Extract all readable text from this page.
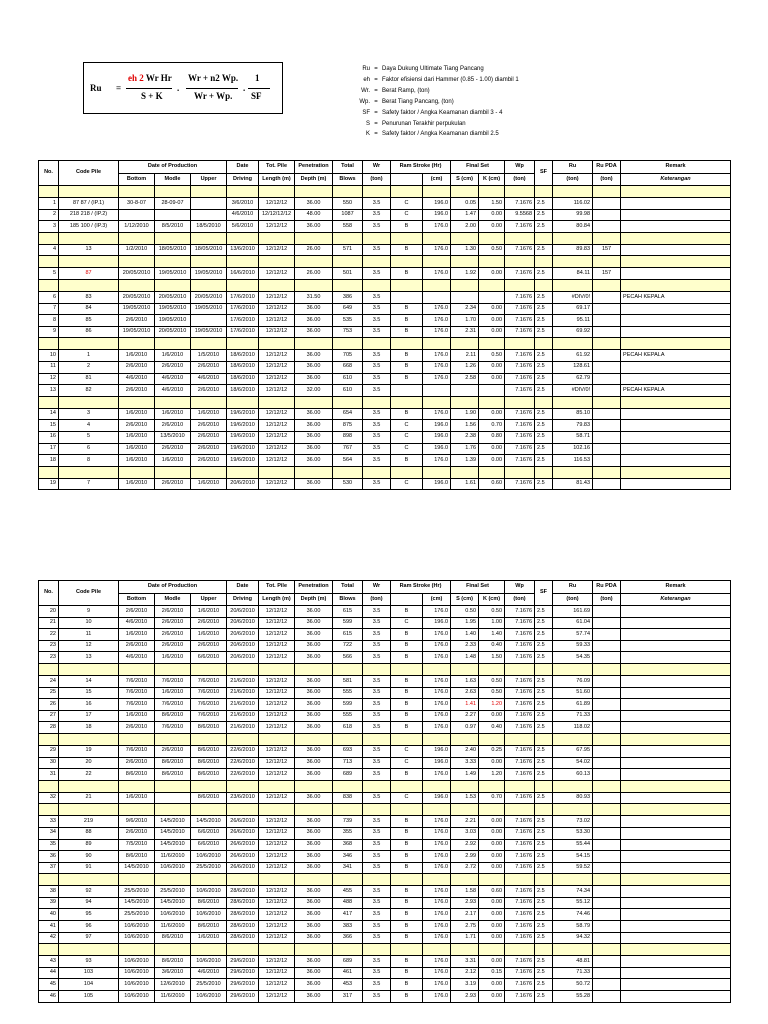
Ru =
eh 2 Wr Hr
S + K
.
Wr + n2 Wp.
Wr + Wp.
.
1
SF
Ru = Daya Dukung Ultimate Tiang Pancang
eh = Faktor efisiensi dari Hammer (0.85 - 1.00) diambil 1
Wr. = Berat Ramp, (ton)
Wp. = Berat Tiang Pancang, (ton)
SF = Safety faktor / Angka Keamanan diambil 3 - 4
S = Penurunan Terakhir perpukulan
K = Safety faktor / Angka Keamanan diambil 2.5
No.	Code Pile	Date of Production			Date	Tot. Pile	Penetration	Total	Wr	Ram Stroke (Hr)		Final Set		Wp	SF	Ru	Ru PDA	Remark
		Bottom	Modle	Upper	Driving	Length (m)	Depth (m)	Blows	(ton)		(cm)	S (cm)	K (cm)	(ton)		(ton)	(ton)	Keterangan

1	87 87 / (IP.1)	30-8-07	28-09-07		3/6/2010	12/12/12	36.00	550	3.5	C	196.0	0.05	1.50	7.1676	2.5	116.02		
2	218 218 / (IP.2)				4/6/2010	12/12/12/12	48.00	1087	3.5	C	196.0	1.47	0.00	9.5568	2.5	99.98		
3	185 100 / (IP.3)	1/12/2010	8/5/2010	18/5/2010	5/6/2010	12/12/12	36.00	558	3.5	B	176.0	2.00	0.00	7.1676	2.5	80.84		

4	13	1/2/2010	18/05/2010	18/05/2010	13/6/2010	12/12/12	26.00	571	3.5	B	176.0	1.30	0.50	7.1676	2.5	89.83	157	

5	87	20/05/2010	19/05/2010	19/05/2010	16/6/2010	12/12/12	26.00	501	3.5	B	176.0	1.92	0.00	7.1676	2.5	84.11	157	

6	83	20/05/2010	20/05/2010	20/05/2010	17/6/2010	12/12/12	31.50	386	3.5					7.1676	2.5	#DIV/0!		PECAH KEPALA
7	84	19/05/2010	19/05/2010	19/05/2010	17/6/2010	12/12/12	36.00	649	3.5	B	176.0	2.34	0.00	7.1676	2.5	69.17		
8	85	2/6/2010	19/05/2010		17/6/2010	12/12/12	36.00	535	3.5	B	176.0	1.70	0.00	7.1676	2.5	95.11		
9	86	19/05/2010	20/05/2010	19/05/2010	17/6/2010	12/12/12	36.00	753	3.5	B	176.0	2.31	0.00	7.1676	2.5	69.92		

10	1	1/6/2010	1/6/2010	1/5/2010	18/6/2010	12/12/12	36.00	705	3.5	B	176.0	2.11	0.50	7.1676	2.5	61.92		PECAH KEPALA
11	2	2/6/2010	2/6/2010	2/6/2010	18/6/2010	12/12/12	36.00	668	3.5	B	176.0	1.26	0.00	7.1676	2.5	128.61		
12	81	4/6/2010	4/6/2010	4/6/2010	18/6/2010	12/12/12	36.00	610	3.5	B	176.0	2.58	0.00	7.1676	2.5	62.79		
13	82	2/6/2010	4/6/2010	2/6/2010	18/6/2010	12/12/12	32.00	610	3.5					7.1676	2.5	#DIV/0!		PECAH KEPALA

14	3	1/6/2010	1/6/2010	1/6/2010	19/6/2010	12/12/12	36.00	654	3.5	B	176.0	1.90	0.00	7.1676	2.5	85.10		
15	4	2/6/2010	2/6/2010	2/6/2010	19/6/2010	12/12/12	36.00	875	3.5	C	196.0	1.56	0.70	7.1676	2.5	79.83		
16	5	1/6/2010	13/5/2010	2/6/2010	19/6/2010	12/12/12	36.00	898	3.5	C	196.0	2.38	0.80	7.1676	2.5	58.71		
17	6	1/6/2010	2/6/2010	2/6/2010	19/6/2010	12/12/12	36.00	767	3.5	C	196.0	1.76	0.00	7.1676	2.5	102.16		
18	8	1/6/2010	1/6/2010	2/6/2010	19/6/2010	12/12/12	36.00	564	3.5	B	176.0	1.39	0.00	7.1676	2.5	116.53		

19	7	1/6/2010	2/6/2010	1/6/2010	20/6/2010	12/12/12	36.00	530	3.5	C	196.0	1.61	0.60	7.1676	2.5	81.43		
No.	Code Pile	Date of Production			Date	Tot. Pile	Penetration	Total	Wr	Ram Stroke (Hr)		Final Set		Wp	SF	Ru	Ru PDA	Remark
		Bottom	Modle	Upper	Driving	Length (m)	Depth (m)	Blows	(ton)		(cm)	S (cm)	K (cm)	(ton)		(ton)	(ton)	Keterangan
20	9	2/6/2010	2/6/2010	1/6/2010	20/6/2010	12/12/12	36.00	615	3.5	B	176.0	0.50	0.50	7.1676	2.5	161.69		
21	10	4/6/2010	2/6/2010	2/6/2010	20/6/2010	12/12/12	36.00	599	3.5	C	196.0	1.95	1.00	7.1676	2.5	61.04		
22	11	1/6/2010	2/6/2010	1/6/2010	20/6/2010	12/12/12	36.00	615	3.5	B	176.0	1.40	1.40	7.1676	2.5	57.74		
23	12	2/6/2010	2/6/2010	2/6/2010	20/6/2010	12/12/12	36.00	722	3.5	B	176.0	2.33	0.40	7.1676	2.5	59.33		
23	13	4/6/2010	1/6/2010	6/6/2010	20/6/2010	12/12/12	36.00	566	3.5	B	176.0	1.48	1.50	7.1676	2.5	54.35		

24	14	7/6/2010	7/6/2010	7/6/2010	21/6/2010	12/12/12	36.00	581	3.5	B	176.0	1.63	0.50	7.1676	2.5	76.09		
25	15	7/6/2010	1/6/2010	7/6/2010	21/6/2010	12/12/12	36.00	555	3.5	B	176.0	2.63	0.50	7.1676	2.5	51.60		
26	16	7/6/2010	7/6/2010	7/6/2010	21/6/2010	12/12/12	36.00	599	3.5	B	176.0	1.41	1.20	7.1676	2.5	61.89		
27	17	1/6/2010	8/6/2010	7/6/2010	21/6/2010	12/12/12	36.00	555	3.5	B	176.0	2.27	0.00	7.1676	2.5	71.33		
28	18	2/6/2010	7/6/2010	8/6/2010	21/6/2010	12/12/12	36.00	618	3.5	B	176.0	0.97	0.40	7.1676	2.5	118.02		

29	19	7/6/2010	2/6/2010	8/6/2010	22/6/2010	12/12/12	36.00	693	3.5	C	196.0	2.40	0.25	7.1676	2.5	67.95		
30	20	2/6/2010	8/6/2010	8/6/2010	22/6/2010	12/12/12	36.00	713	3.5	C	196.0	3.33	0.00	7.1676	2.5	54.02		
31	22	8/6/2010	8/6/2010	8/6/2010	22/6/2010	12/12/12	36.00	689	3.5	B	176.0	1.49	1.20	7.1676	2.5	60.13		

32	21	1/6/2010		8/6/2010	23/6/2010	12/12/12	36.00	838	3.5	C	196.0	1.53	0.70	7.1676	2.5	80.93		

33	219	9/6/2010	14/5/2010	14/5/2010	26/6/2010	12/12/12	36.00	739	3.5	B	176.0	2.21	0.00	7.1676	2.5	73.02		
34	88	2/6/2010	14/5/2010	6/6/2010	26/6/2010	12/12/12	36.00	355	3.5	B	176.0	3.03	0.00	7.1676	2.5	53.30		
35	89	7/5/2010	14/5/2010	6/6/2010	26/6/2010	12/12/12	36.00	368	3.5	B	176.0	2.92	0.00	7.1676	2.5	55.44		
36	90	8/6/2010	11/6/2010	10/6/2010	26/6/2010	12/12/12	36.00	346	3.5	B	176.0	2.99	0.00	7.1676	2.5	54.15		
37	91	14/5/2010	10/6/2010	25/5/2010	26/6/2010	12/12/12	36.00	341	3.5	B	176.0	2.72	0.00	7.1676	2.5	59.52		

38	92	25/5/2010	25/5/2010	10/6/2010	28/6/2010	12/12/12	36.00	455	3.5	B	176.0	1.58	0.60	7.1676	2.5	74.34		
39	94	14/5/2010	14/5/2010	8/6/2010	28/6/2010	12/12/12	36.00	488	3.5	B	176.0	2.93	0.00	7.1676	2.5	55.12		
40	95	25/5/2010	10/6/2010	10/6/2010	28/6/2010	12/12/12	36.00	417	3.5	B	176.0	2.17	0.00	7.1676	2.5	74.46		
41	96	10/6/2010	11/6/2010	8/6/2010	28/6/2010	12/12/12	36.00	383	3.5	B	176.0	2.75	0.00	7.1676	2.5	58.79		
42	97	10/6/2010	8/6/2010	1/6/2010	28/6/2010	12/12/12	36.00	366	3.5	B	176.0	1.71	0.00	7.1676	2.5	94.32		

43	93	10/6/2010	8/6/2010	10/6/2010	29/6/2010	12/12/12	36.00	689	3.5	B	176.0	3.31	0.00	7.1676	2.5	48.81		
44	103	10/6/2010	3/6/2010	4/6/2010	29/6/2010	12/12/12	36.00	461	3.5	B	176.0	2.12	0.15	7.1676	2.5	71.33		
45	104	10/6/2010	12/6/2010	25/5/2010	29/6/2010	12/12/12	36.00	453	3.5	B	176.0	3.19	0.00	7.1676	2.5	50.72		
46	105	10/6/2010	11/6/2010	10/6/2010	29/6/2010	12/12/12	36.00	317	3.5	B	176.0	2.93	0.00	7.1676	2.5	55.28		
